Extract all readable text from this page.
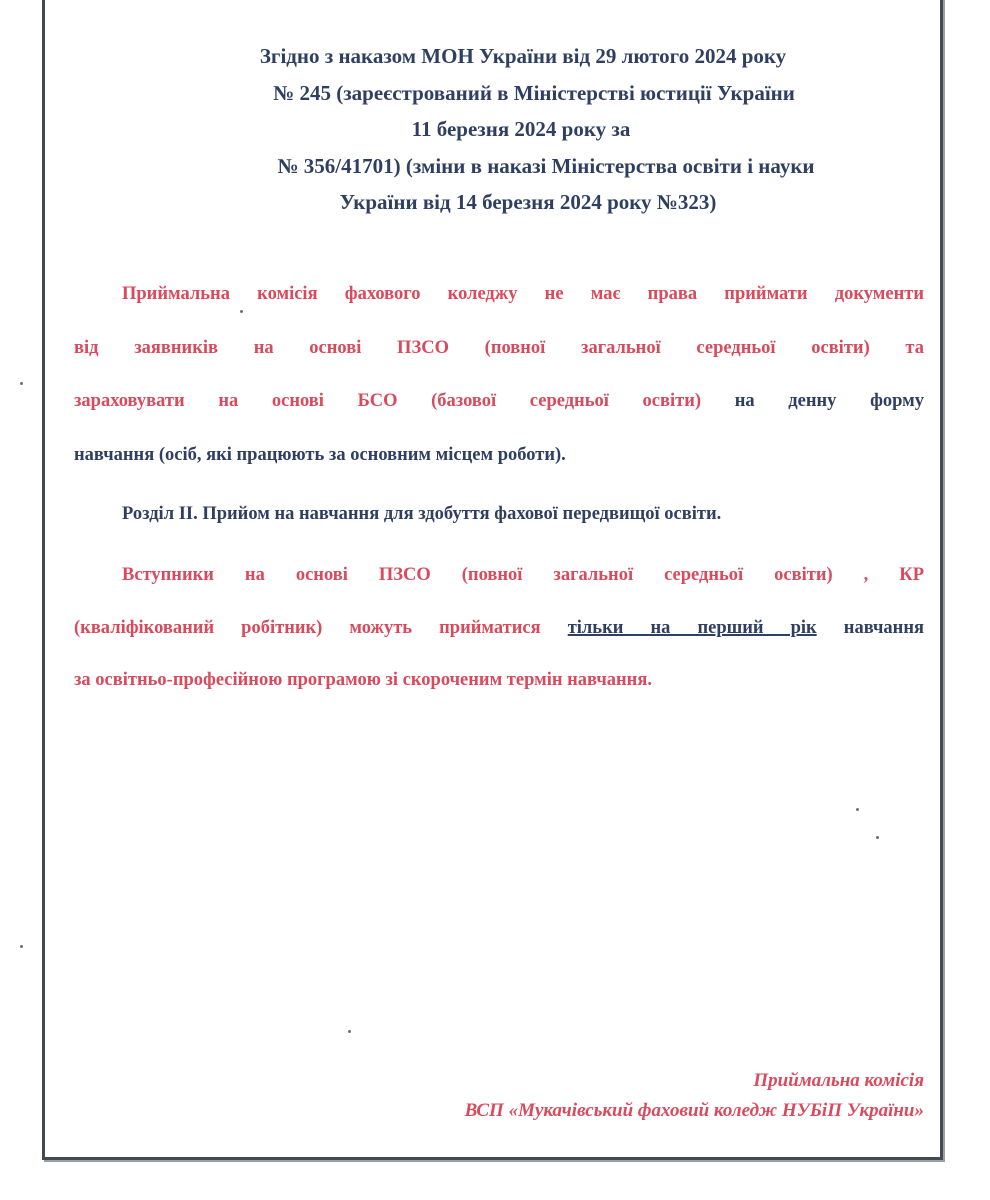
Згідно з наказом МОН України від 29 лютого 2024 року
№ 245 (зареєстрований в Міністерстві юстиції України
11 березня 2024 року за
№ 356/41701) (зміни в наказі Міністерства освіти і науки
України від 14 березня 2024 року №323)
Приймальна комісія фахового коледжу не має права приймати документи
від заявників на основі ПЗСО (повної загальної середньої освіти) та
зараховувати на основі БСО (базової середньої освіти) на денну форму
навчання (осіб, які працюють за основним місцем роботи).
Розділ ІІ. Прийом на навчання для здобуття фахової передвищої освіти.
Вступники на основі ПЗСО (повної загальної середньої освіти) , КР
(кваліфікований робітник) можуть прийматися тільки на перший рік навчання
за освітньо-професійною програмою зі скороченим термін навчання.
Приймальна комісія
ВСП «Мукачівський фаховий коледж НУБіП України»
